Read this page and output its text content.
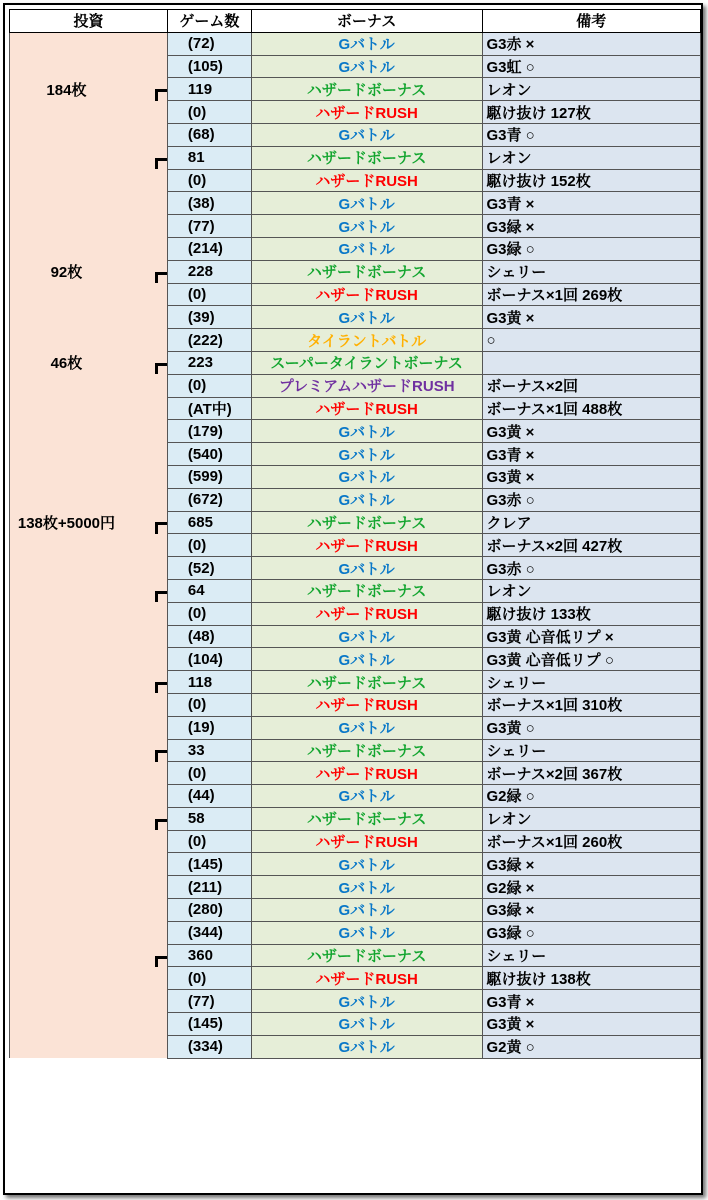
投資	ゲーム数	ボーナス	備考
	(72)	Gバトル	G3赤 ×
	(105)	Gバトル	G3虹 ○
184枚	119	ハザードボーナス	レオン
	(0)	ハザードRUSH	駆け抜け 127枚
	(68)	Gバトル	G3青 ○

	81	ハザードボーナス	レオン
	(0)	ハザードRUSH	駆け抜け 152枚
	(38)	Gバトル	G3青 ×
	(77)	Gバトル	G3緑 ×
	(214)	Gバトル	G3緑 ○
92枚	228	ハザードボーナス	シェリー
	(0)	ハザードRUSH	ボーナス×1回 269枚
	(39)	Gバトル	G3黄 ×
	(222)	タイラントバトル	○
46枚	223	スーパータイラントボーナス	
	(0)	プレミアムハザードRUSH	ボーナス×2回
	(AT中)	ハザードRUSH	ボーナス×1回 488枚
	(179)	Gバトル	G3黄 ×
	(540)	Gバトル	G3青 ×
	(599)	Gバトル	G3黄 ×
	(672)	Gバトル	G3赤 ○
138枚+5000円	685	ハザードボーナス	クレア
	(0)	ハザードRUSH	ボーナス×2回 427枚
	(52)	Gバトル	G3赤 ○

	64	ハザードボーナス	レオン
	(0)	ハザードRUSH	駆け抜け 133枚
	(48)	Gバトル	G3黄 心音低リプ ×
	(104)	Gバトル	G3黄 心音低リプ ○

	118	ハザードボーナス	シェリー
	(0)	ハザードRUSH	ボーナス×1回 310枚
	(19)	Gバトル	G3黄 ○

	33	ハザードボーナス	シェリー
	(0)	ハザードRUSH	ボーナス×2回 367枚
	(44)	Gバトル	G2緑 ○

	58	ハザードボーナス	レオン
	(0)	ハザードRUSH	ボーナス×1回 260枚
	(145)	Gバトル	G3緑 ×
	(211)	Gバトル	G2緑 ×
	(280)	Gバトル	G3緑 ×
	(344)	Gバトル	G3緑 ○

	360	ハザードボーナス	シェリー
	(0)	ハザードRUSH	駆け抜け 138枚
	(77)	Gバトル	G3青 ×
	(145)	Gバトル	G3黄 ×
	(334)	Gバトル	G2黄 ○
